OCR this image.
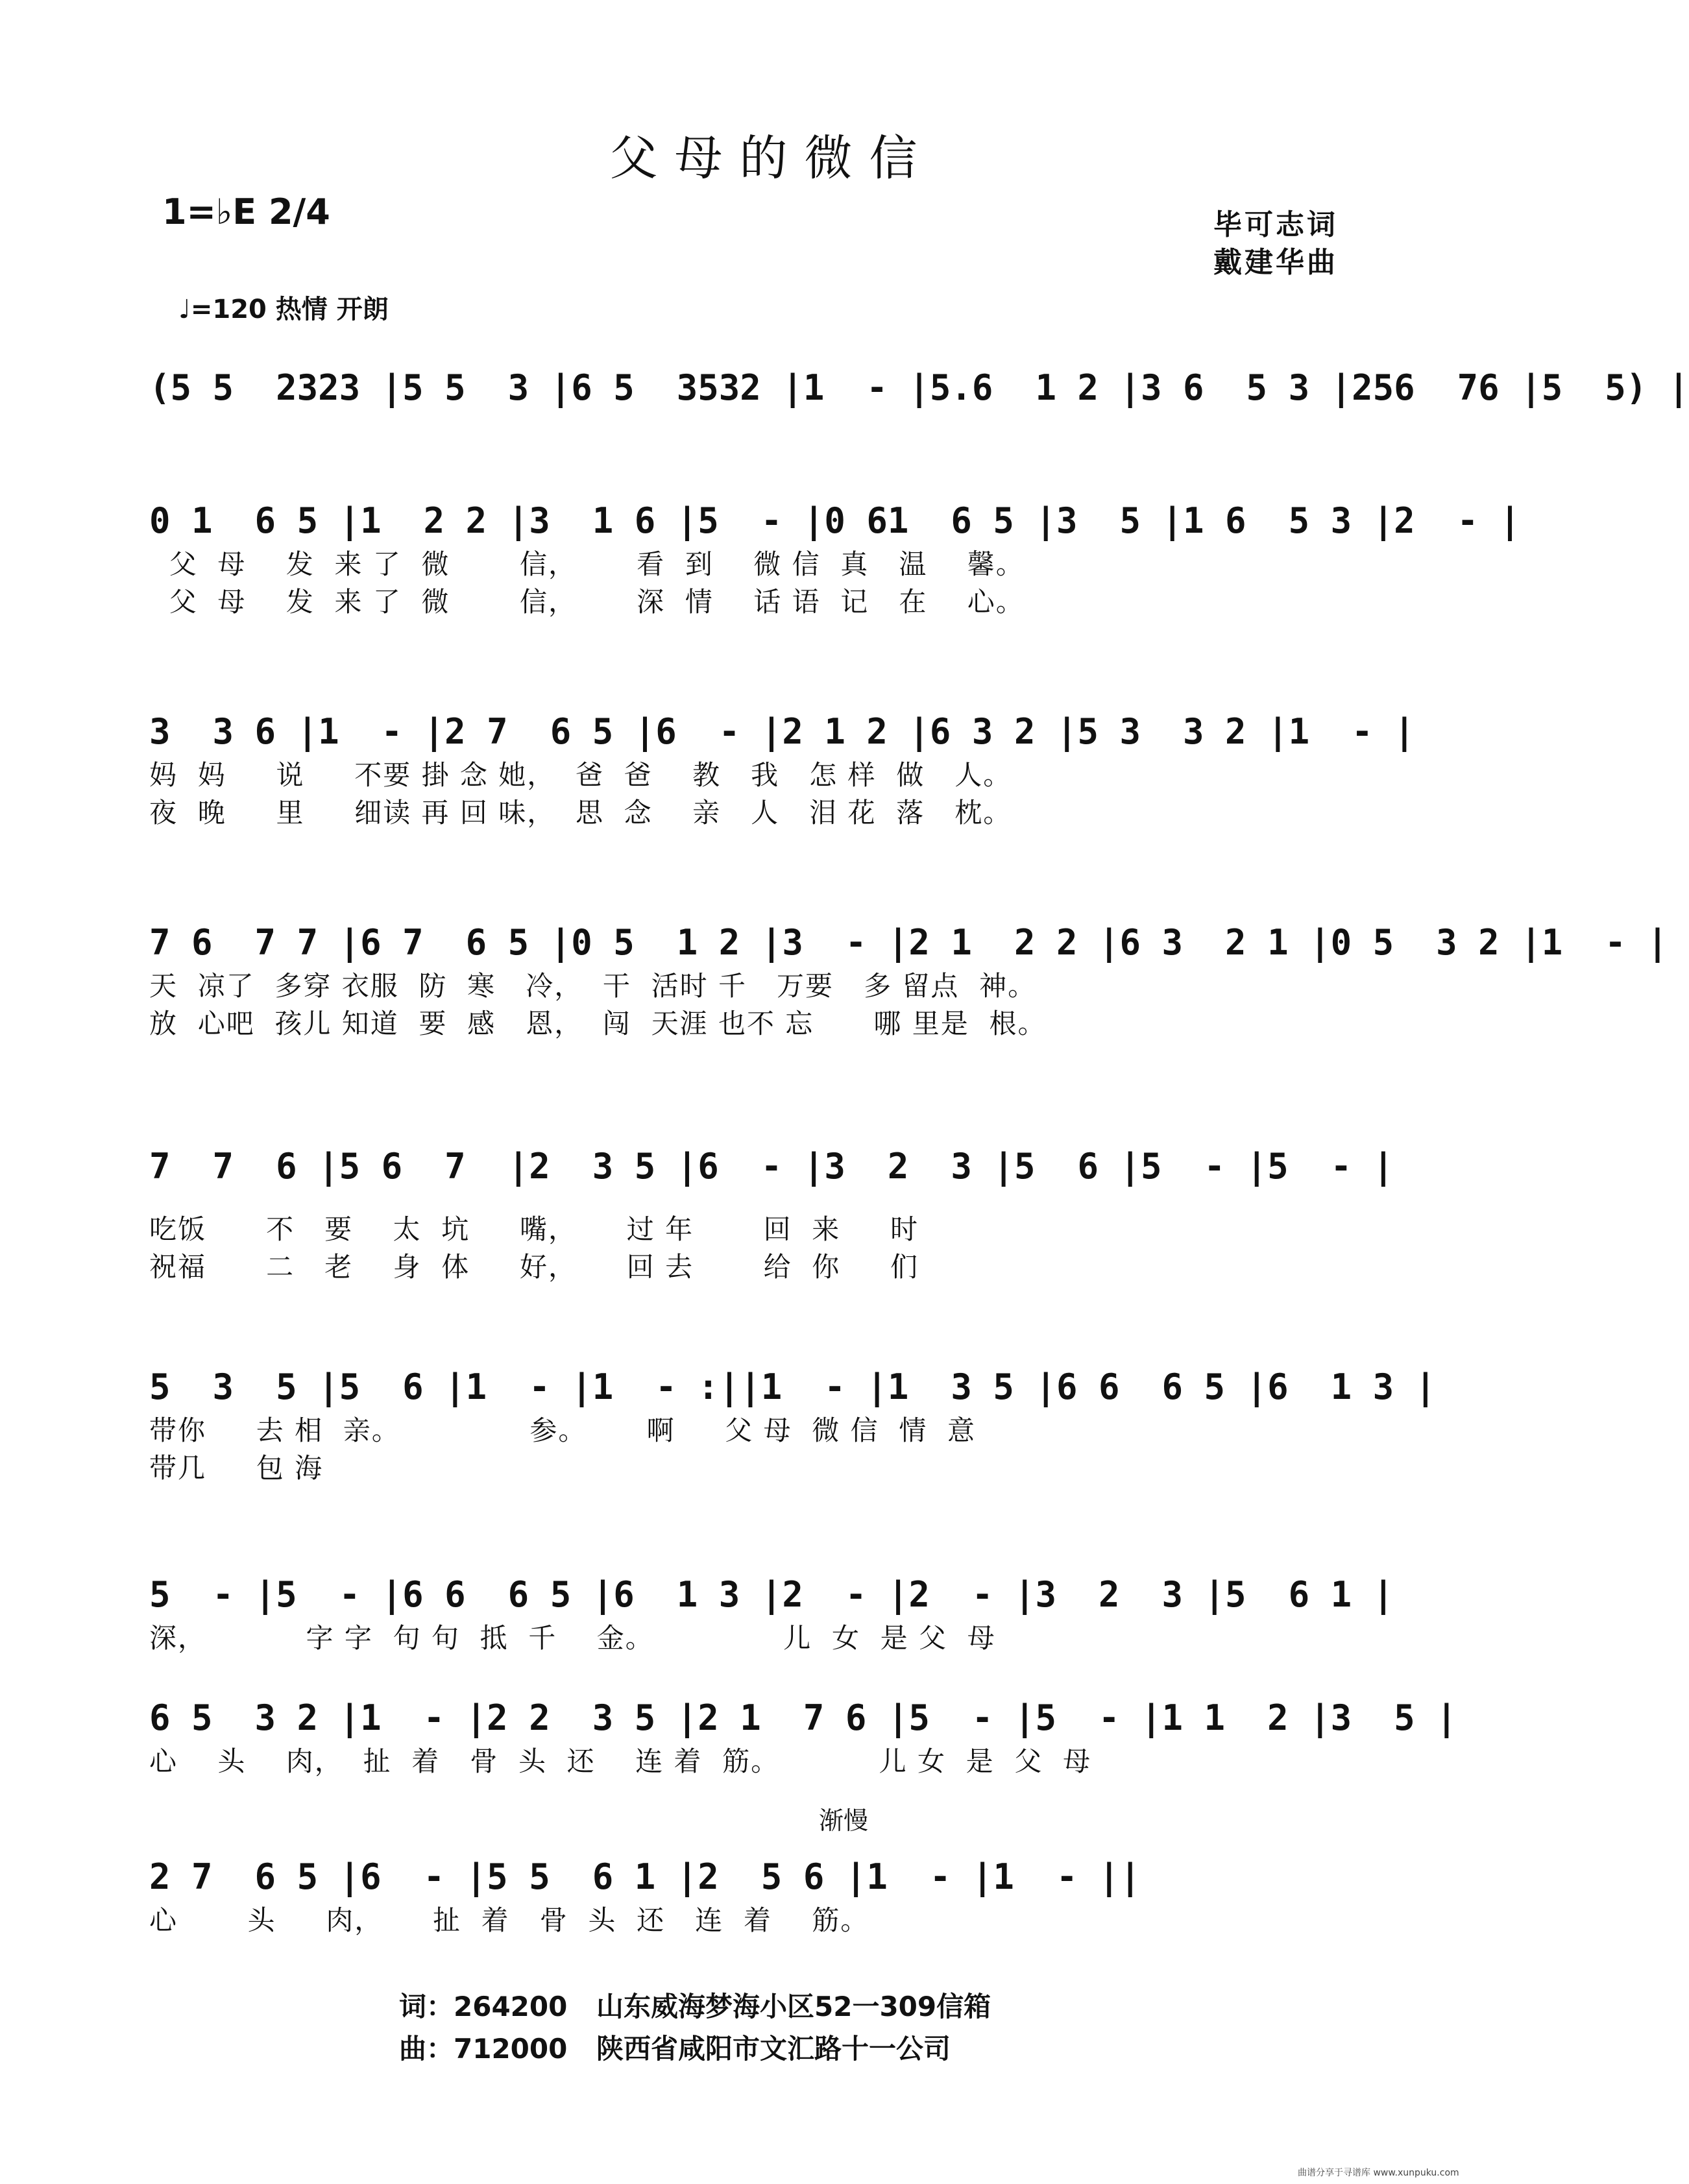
父母的微信
1=♭E 2/4	毕可志词
戴建华曲
♩=120 热情 开朗
(5 5  2323 |5 5  3 |6 5  3532 |1  - |5.6  1 2 |3 6  5 3 |256  76 |5  5) |
0 1  6 5 |1  2 2 |3  1 6 |5  - |0 61  6 5 |3  5 |1 6  5 3 |2  - |
父  母    发  来 了  微       信，      看  到    微 信  真   温    馨。
父  母    发  来 了  微       信，      深  情    话 语  记   在    心。
3  3 6 |1  - |2 7  6 5 |6  - |2 1 2 |6 3 2 |5 3  3 2 |1  - |
妈  妈     说     不要 掛 念 她，  爸  爸    教   我   怎 样  做   人。
夜  晚     里     细读 再 回 味，  思  念    亲   人   泪 花  落   枕。
7 6  7 7 |6 7  6 5 |0 5  1 2 |3  - |2 1  2 2 |6 3  2 1 |0 5  3 2 |1  - |
天  凉了  多穿 衣服  防  寒   冷，  干  活时 千   万要   多 留点  神。
放  心吧  孩儿 知道  要  感   恩，  闯  天涯 也不 忘      哪 里是  根。
7  7  6 |5 6  7  |2  3 5 |6  - |3  2  3 |5  6 |5  - |5  - |
吃饭      不   要    太  坑     嘴，     过 年       回  来     时
祝福      二   老    身  体     好，     回 去       给  你     们
5  3  5 |5  6 |1  - |1  - :||1  - |1  3 5 |6 6  6 5 |6  1 3 |
带你     去 相  亲。             参。      啊     父 母  微 信  情  意
带几     包 海
5  - |5  - |6 6  6 5 |6  1 3 |2  - |2  - |3  2  3 |5  6 1 |
深，          字 字  句 句  抵  千    金。             儿  女  是 父  母
6 5  3 2 |1  - |2 2  3 5 |2 1  7 6 |5  - |5  - |1 1  2 |3  5 |
心    头    肉，  扯  着   骨  头  还    连 着  筋。          儿 女  是  父  母
渐慢
2 7  6 5 |6  - |5 5  6 1 |2  5 6 |1  - |1  - ||
心       头     肉，     扯  着   骨  头  还   连  着    筋。
词：264200 山东威海梦海小区52一309信箱
曲：712000 陕西省咸阳市文汇路十一公司
曲谱分享于寻谱库 www.xunpuku.com
